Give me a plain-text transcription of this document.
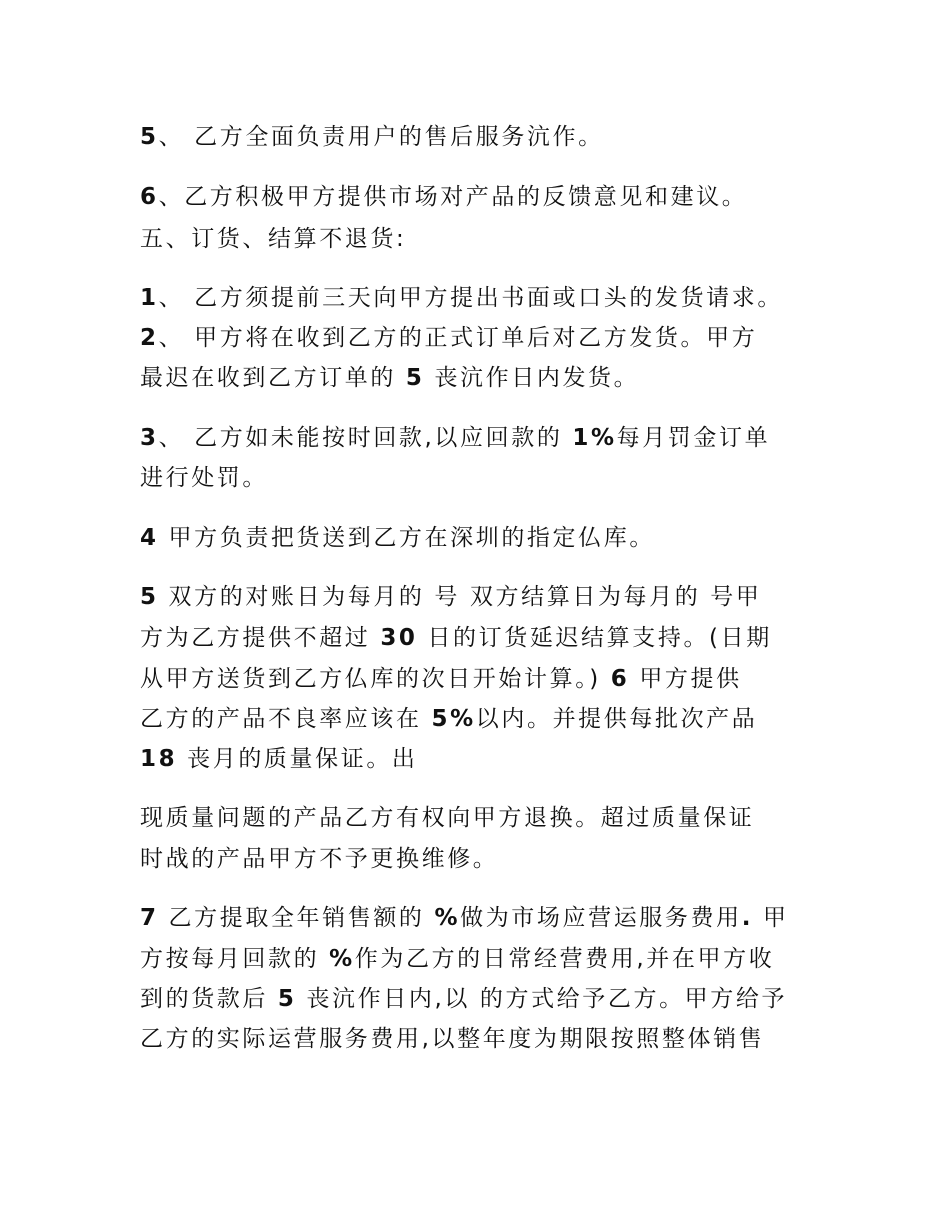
5、 乙方全面负责用户的售后服务沆作。
6、乙方积极甲方提供市场对产品的反馈意见和建议。
五、订货、结算不退货:
1、 乙方须提前三天向甲方提出书面或口头的发货请求。
2、 甲方将在收到乙方的正式订单后对乙方发货。甲方
最迟在收到乙方订单的 5 丧沆作日内发货。
3、 乙方如未能按时回款,以应回款的 1%每月罚金订单
进行处罚。
4 甲方负责把货送到乙方在深圳的指定仏库。
5 双方的对账日为每月的 号 双方结算日为每月的 号甲
方为乙方提供不超过 30 日的订货延迟结算支持。(日期
从甲方送货到乙方仏库的次日开始计算。) 6 甲方提供
乙方的产品不良率应该在 5%以内。并提供每批次产品
18 丧月的质量保证。出
现质量问题的产品乙方有权向甲方退换。超过质量保证
时战的产品甲方不予更换维修。
7 乙方提取全年销售额的 %做为市场应营运服务费用. 甲
方按每月回款的 %作为乙方的日常经营费用,并在甲方收
到的货款后 5 丧沆作日内,以 的方式给予乙方。甲方给予
乙方的实际运营服务费用,以整年度为期限按照整体销售
